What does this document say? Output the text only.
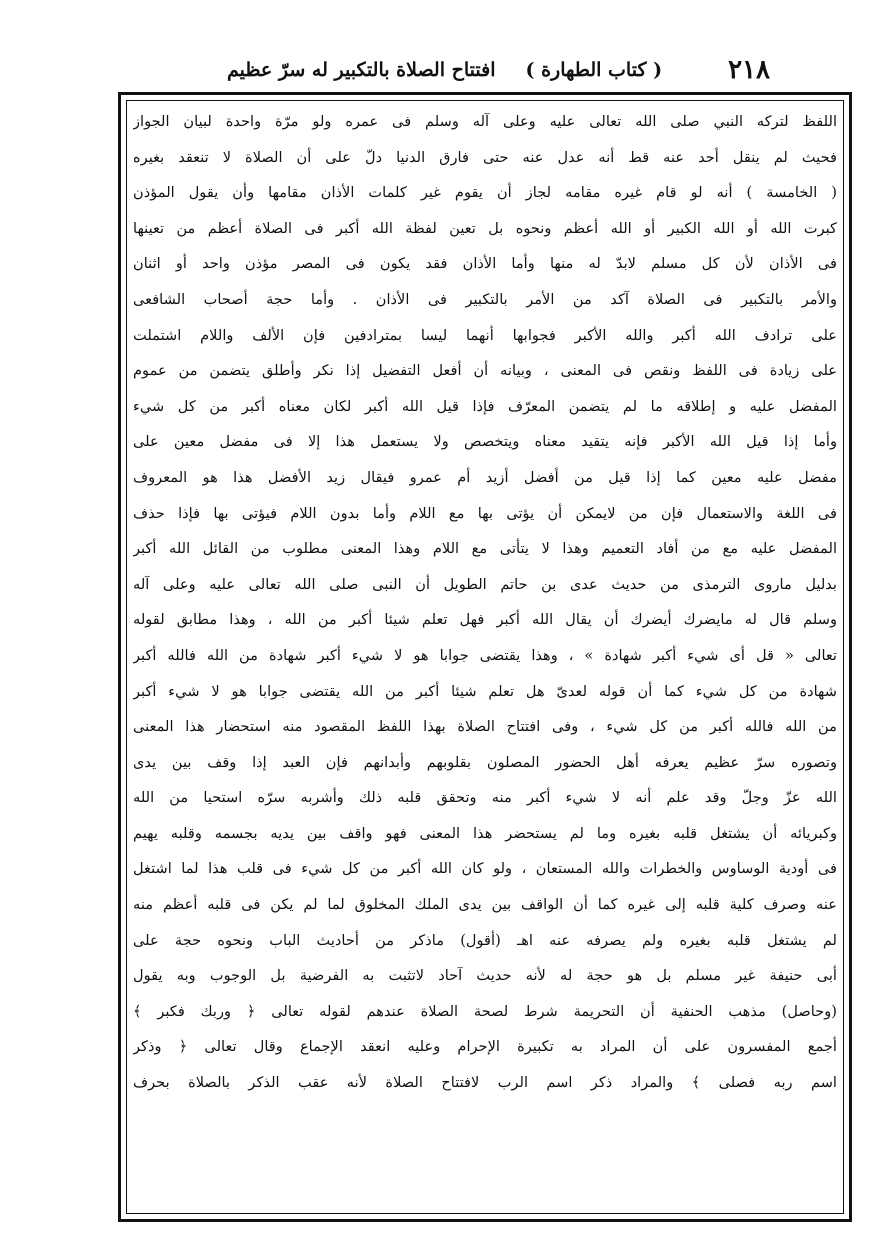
٢١٨
( كتاب الطهارة )
افتتاح الصلاة بالتكبير له سرّ عظيم
اللفظ لتركه النبي صلى الله تعالى عليه وعلى آله وسلم فى عمره ولو مرّة واحدة لبيان الجواز
فحيث لم ينقل أحد عنه قط أنه عدل عنه حتى فارق الدنيا دلّ على أن الصلاة لا تنعقد بغيره
( الخامسة ) أنه لو قام غيره مقامه لجاز أن يقوم غير كلمات الأذان مقامها وأن يقول المؤذن
كبرت الله أو الله الكبير أو الله أعظم ونحوه بل تعين لفظة الله أكبر فى الصلاة أعظم من تعينها
فى الأذان لأن كل مسلم لابدّ له منها وأما الأذان فقد يكون فى المصر مؤذن واحد أو اثنان
والأمر بالتكبير فى الصلاة آكد من الأمر بالتكبير فى الأذان . وأما حجة أصحاب الشافعى
على ترادف الله أكبر والله الأكبر فجوابها أنهما ليسا بمترادفين فإن الألف واللام اشتملت
على زيادة فى اللفظ ونقص فى المعنى ، وبيانه أن أفعل التفضيل إذا نكر وأطلق يتضمن من عموم
المفضل عليه و إطلاقه ما لم يتضمن المعرّف فإذا قيل الله أكبر لكان معناه أكبر من كل شيء
وأما إذا قيل الله الأكبر فإنه يتقيد معناه ويتخصص ولا يستعمل هذا إلا فى مفضل معين على
مفضل عليه معين كما إذا قيل من أفضل أزيد أم عمرو فيقال زيد الأفضل هذا هو المعروف
فى اللغة والاستعمال فإن من لايمكن أن يؤتى بها مع اللام وأما بدون اللام فيؤتى بها فإذا حذف
المفضل عليه مع من أفاد التعميم وهذا لا يتأتى مع اللام وهذا المعنى مطلوب من القائل الله أكبر
بدليل ماروى الترمذى من حديث عدى بن حاتم الطويل أن النبى صلى الله تعالى عليه وعلى آله
وسلم قال له مايضرك أيضرك أن يقال الله أكبر فهل تعلم شيئا أكبر من الله ، وهذا مطابق لقوله
تعالى « قل أى شيء أكبر شهادة » ، وهذا يقتضى جوابا هو لا شيء أكبر شهادة من الله فالله أكبر
شهادة من كل شيء كما أن قوله لعدىّ هل تعلم شيئا أكبر من الله يقتضى جوابا هو لا شيء أكبر
من الله فالله أكبر من كل شيء ، وفى افتتاح الصلاة بهذا اللفظ المقصود منه استحضار هذا المعنى
وتصوره سرّ عظيم يعرفه أهل الحضور المصلون بقلوبهم وأبدانهم فإن العبد إذا وقف بين يدى
الله عزّ وجلّ وقد علم أنه لا شيء أكبر منه وتحقق قلبه ذلك وأشربه سرّه استحيا من الله
وكبريائه أن يشتغل قلبه بغيره وما لم يستحضر هذا المعنى فهو واقف بين يديه بجسمه وقلبه يهيم
فى أودية الوساوس والخطرات والله المستعان ، ولو كان الله أكبر من كل شيء فى قلب هذا لما اشتغل
عنه وصرف كلية قلبه إلى غيره كما أن الواقف بين يدى الملك المخلوق لما لم يكن فى قلبه أعظم منه
لم يشتغل قلبه بغيره ولم يصرفه عنه اهـ (أقول) ماذكر من أحاديث الباب ونحوه حجة على
أبى حنيفة غير مسلم بل هو حجة له لأنه حديث آحاد لاتثبت به الفرضية بل الوجوب وبه يقول
(وحاصل) مذهب الحنفية أن التحريمة شرط لصحة الصلاة عندهم لقوله تعالى ﴿ وربك فكبر ﴾
أجمع المفسرون على أن المراد به تكبيرة الإحرام وعليه انعقد الإجماع وقال تعالى ﴿ وذكر
اسم ربه فصلى ﴾ والمراد ذكر اسم الرب لافتتاح الصلاة لأنه عقب الذكر بالصلاة بحرف
